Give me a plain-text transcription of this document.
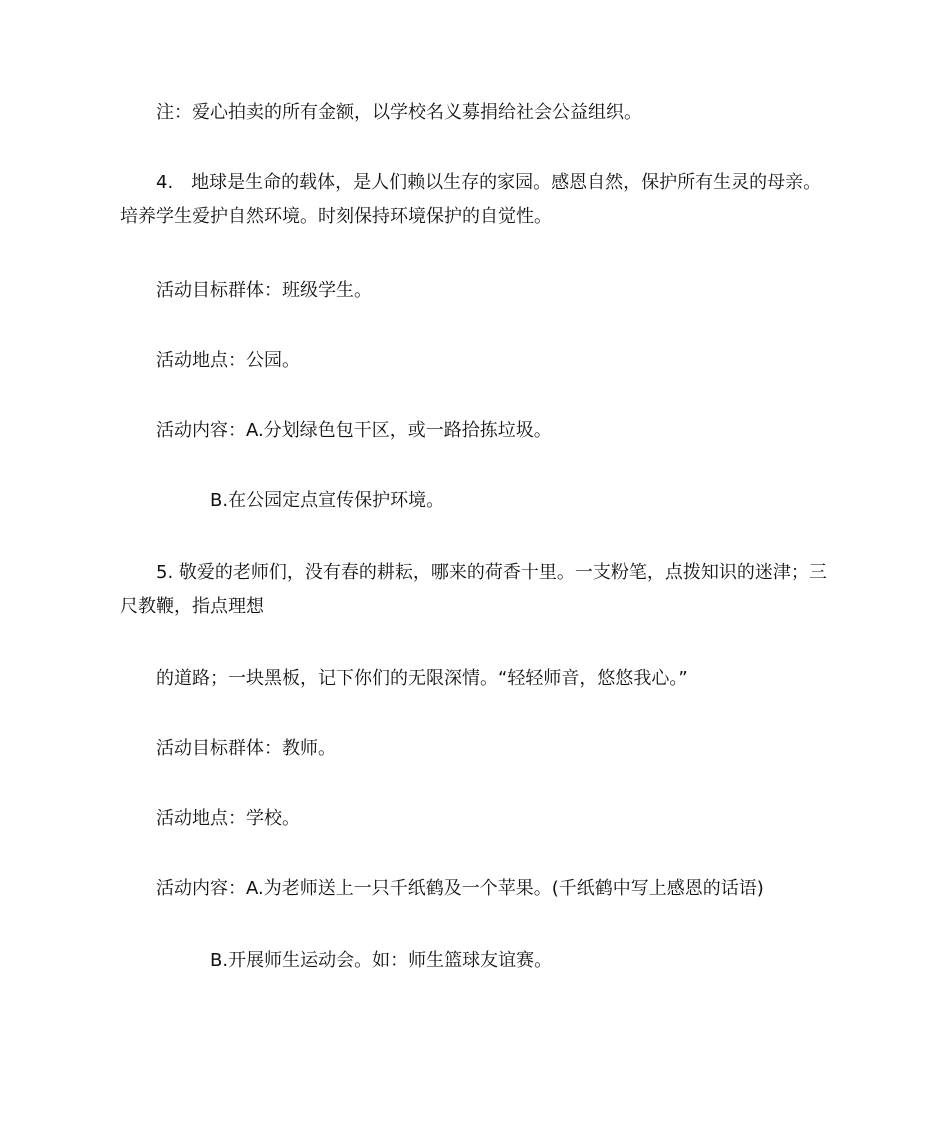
注：爱心拍卖的所有金额，以学校名义募捐给社会公益组织。

4.　地球是生命的载体，是人们赖以生存的家园。感恩自然，保护所有生灵的母亲。培养学生爱护自然环境。时刻保持环境保护的自觉性。

活动目标群体：班级学生。

活动地点：公园。

活动内容：A.分划绿色包干区，或一路拾拣垃圾。

B.在公园定点宣传保护环境。

5. 敬爱的老师们，没有春的耕耘，哪来的荷香十里。一支粉笔，点拨知识的迷津；三尺教鞭，指点理想

的道路；一块黑板，记下你们的无限深情。“轻轻师音，悠悠我心。”

活动目标群体：教师。

活动地点：学校。

活动内容：A.为老师送上一只千纸鹤及一个苹果。(千纸鹤中写上感恩的话语)

B.开展师生运动会。如：师生篮球友谊赛。
